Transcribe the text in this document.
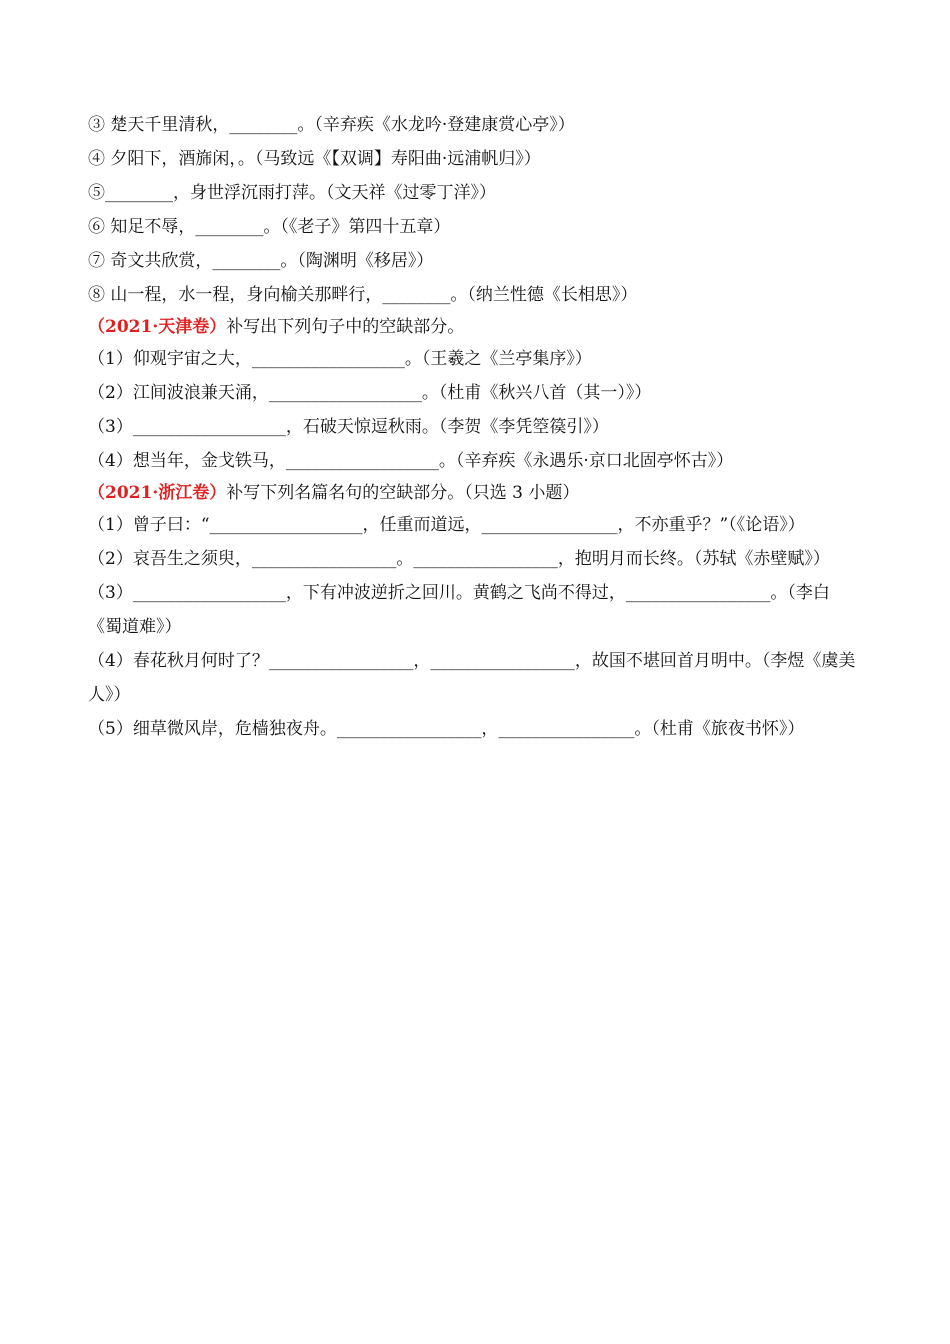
③ 楚天千里清秋，________。（辛弃疾《水龙吟·登建康赏心亭》）
④ 夕阳下，酒旆闲，。（马致远《【双调】寿阳曲·远浦帆归》）
⑤________，身世浮沉雨打萍。（文天祥《过零丁洋》）
⑥ 知足不辱，________。（《老子》第四十五章）
⑦ 奇文共欣赏，________。（陶渊明《移居》）
⑧ 山一程，水一程，身向榆关那畔行，________。（纳兰性德《长相思》）
（2021·天津卷）补写出下列句子中的空缺部分。
（1）仰观宇宙之大，__________________。（王羲之《兰亭集序》）
（2）江间波浪兼天涌，__________________。（杜甫《秋兴八首（其一）》）
（3）__________________，石破天惊逗秋雨。（李贺《李凭箜篌引》）
（4）想当年，金戈铁马，__________________。（辛弃疾《永遇乐·京口北固亭怀古》）
（2021·浙江卷）补写下列名篇名句的空缺部分。（只选 3 小题）
（1）曾子曰：“__________________，任重而道远，________________，不亦重乎？”（《论语》）
（2）哀吾生之须臾，_________________。_________________，抱明月而长终。（苏轼《赤壁赋》）
（3）__________________，下有冲波逆折之回川。黄鹤之飞尚不得过，_________________。（李白《蜀道难》）
（4）春花秋月何时了？_________________，_________________，故国不堪回首月明中。（李煜《虞美人》）
（5）细草微风岸，危樯独夜舟。_________________，________________。（杜甫《旅夜书怀》）
